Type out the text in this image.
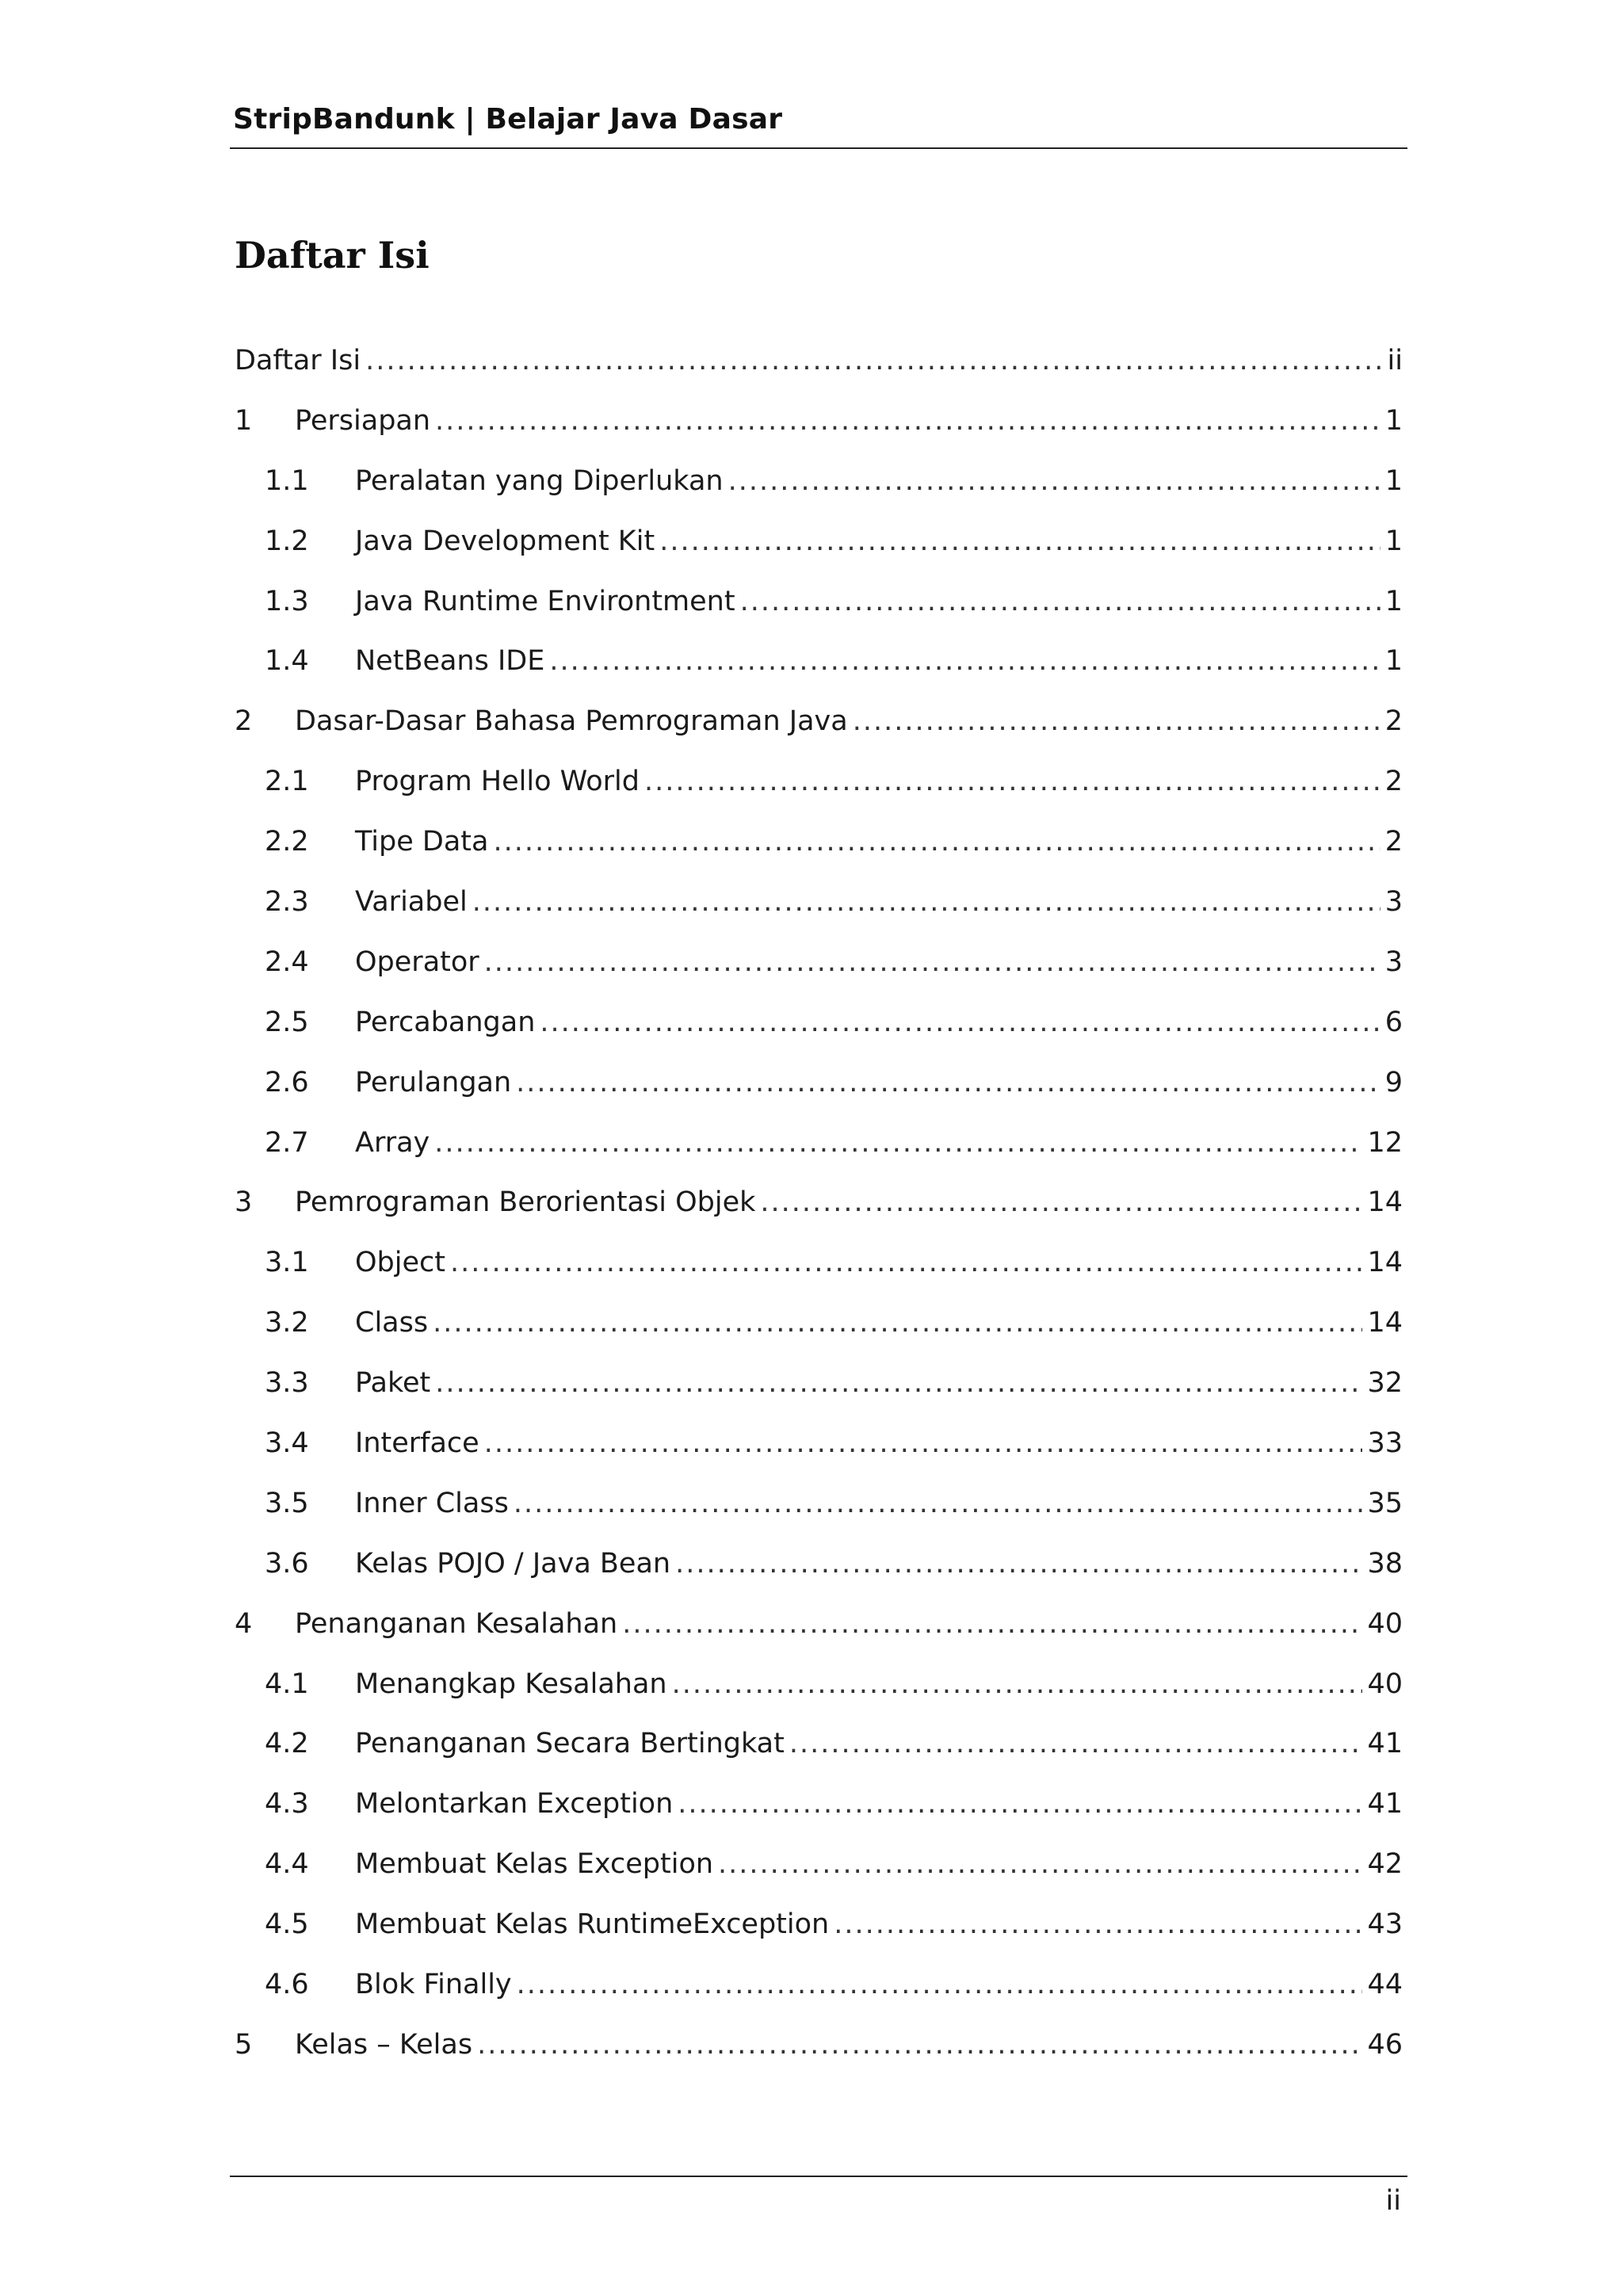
StripBandunk | Belajar Java Dasar
Daftar Isi
Daftar Isi .....	ii
1	Persiapan .....	1
1.1	Peralatan yang Diperlukan .....	1
1.2	Java Development Kit .....	1
1.3	Java Runtime Environtment .....	1
1.4	NetBeans IDE .....	1
2	Dasar-Dasar Bahasa Pemrograman Java .....	2
2.1	Program Hello World .....	2
2.2	Tipe Data .....	2
2.3	Variabel .....	3
2.4	Operator .....	3
2.5	Percabangan .....	6
2.6	Perulangan .....	9
2.7	Array .....	12
3	Pemrograman Berorientasi Objek .....	14
3.1	Object .....	14
3.2	Class .....	14
3.3	Paket .....	32
3.4	Interface .....	33
3.5	Inner Class .....	35
3.6	Kelas POJO / Java Bean .....	38
4	Penanganan Kesalahan .....	40
4.1	Menangkap Kesalahan .....	40
4.2	Penanganan Secara Bertingkat .....	41
4.3	Melontarkan Exception .....	41
4.4	Membuat Kelas Exception .....	42
4.5	Membuat Kelas RuntimeException .....	43
4.6	Blok Finally .....	44
5	Kelas – Kelas .....	46
ii
